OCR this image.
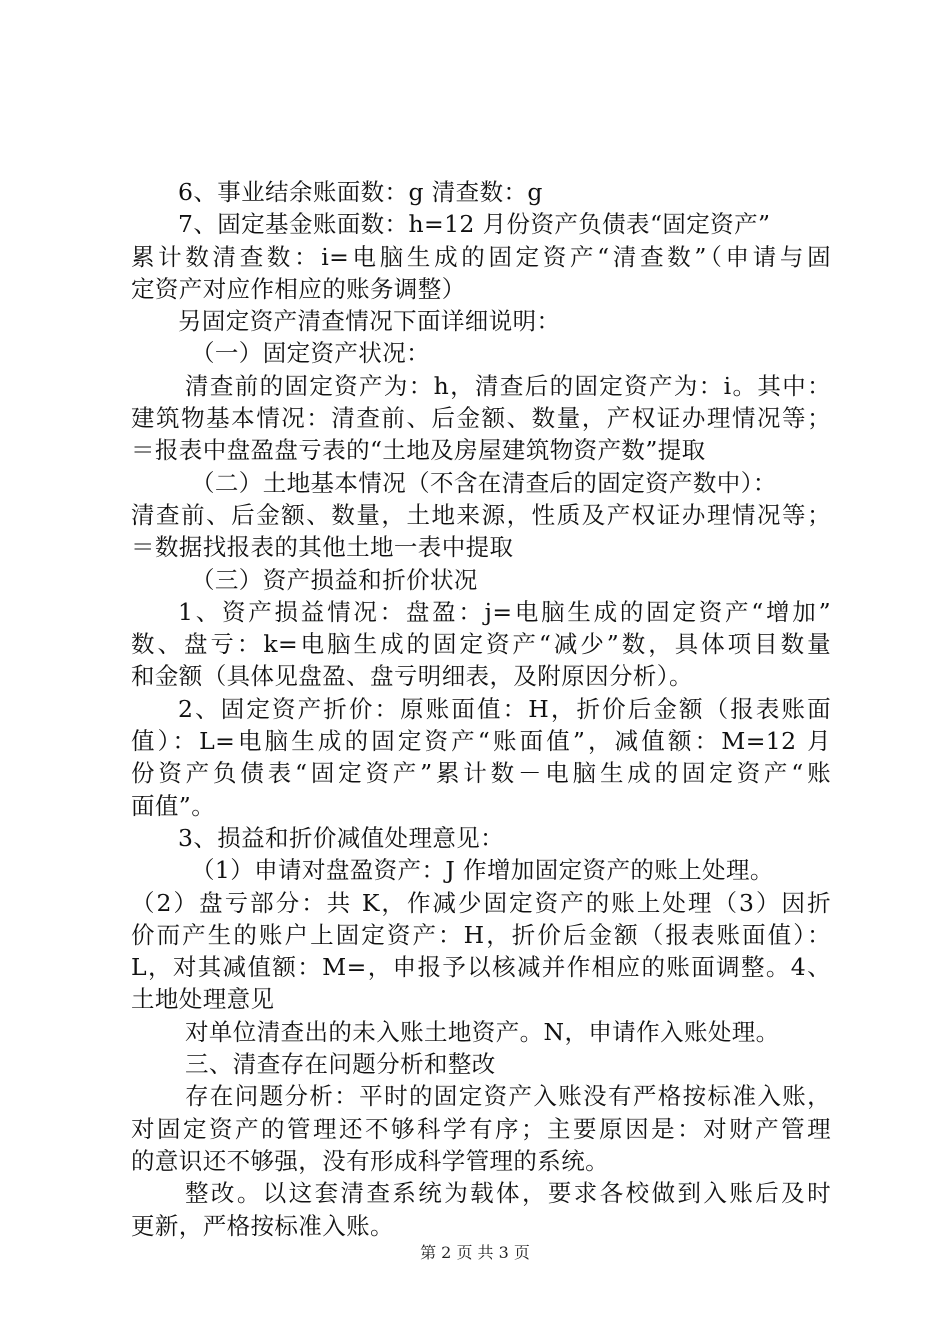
6、事业结余账面数：g 清查数：g
7、固定基金账面数：h=12 月份资产负债表“固定资产”
累计数清查数：i=电脑生成的固定资产“清查数”（申请与固
定资产对应作相应的账务调整）
另固定资产清查情况下面详细说明：
（一）固定资产状况：
清查前的固定资产为：h，清查后的固定资产为：i。其中：
建筑物基本情况：清查前、后金额、数量，产权证办理情况等；
＝报表中盘盈盘亏表的“土地及房屋建筑物资产数”提取
（二）土地基本情况（不含在清查后的固定资产数中）：
清查前、后金额、数量，土地来源，性质及产权证办理情况等；
＝数据找报表的其他土地一表中提取
（三）资产损益和折价状况
1、资产损益情况：盘盈：j=电脑生成的固定资产“增加”
数、盘亏：k=电脑生成的固定资产“减少”数，具体项目数量
和金额（具体见盘盈、盘亏明细表，及附原因分析）。
2、固定资产折价：原账面值：H，折价后金额（报表账面
值）：L=电脑生成的固定资产“账面值”，减值额：M=12 月
份资产负债表“固定资产”累计数－电脑生成的固定资产“账
面值”。
3、损益和折价减值处理意见：
（1）申请对盘盈资产：J 作增加固定资产的账上处理。
（2）盘亏部分：共 K，作减少固定资产的账上处理（3）因折
价而产生的账户上固定资产：H，折价后金额（报表账面值）：
L，对其减值额：M=，申报予以核减并作相应的账面调整。4、
土地处理意见
对单位清查出的未入账土地资产。N，申请作入账处理。
三、清查存在问题分析和整改
存在问题分析：平时的固定资产入账没有严格按标准入账，
对固定资产的管理还不够科学有序；主要原因是：对财产管理
的意识还不够强，没有形成科学管理的系统。
整改。以这套清查系统为载体，要求各校做到入账后及时
更新，严格按标准入账。
第 2 页 共 3 页
